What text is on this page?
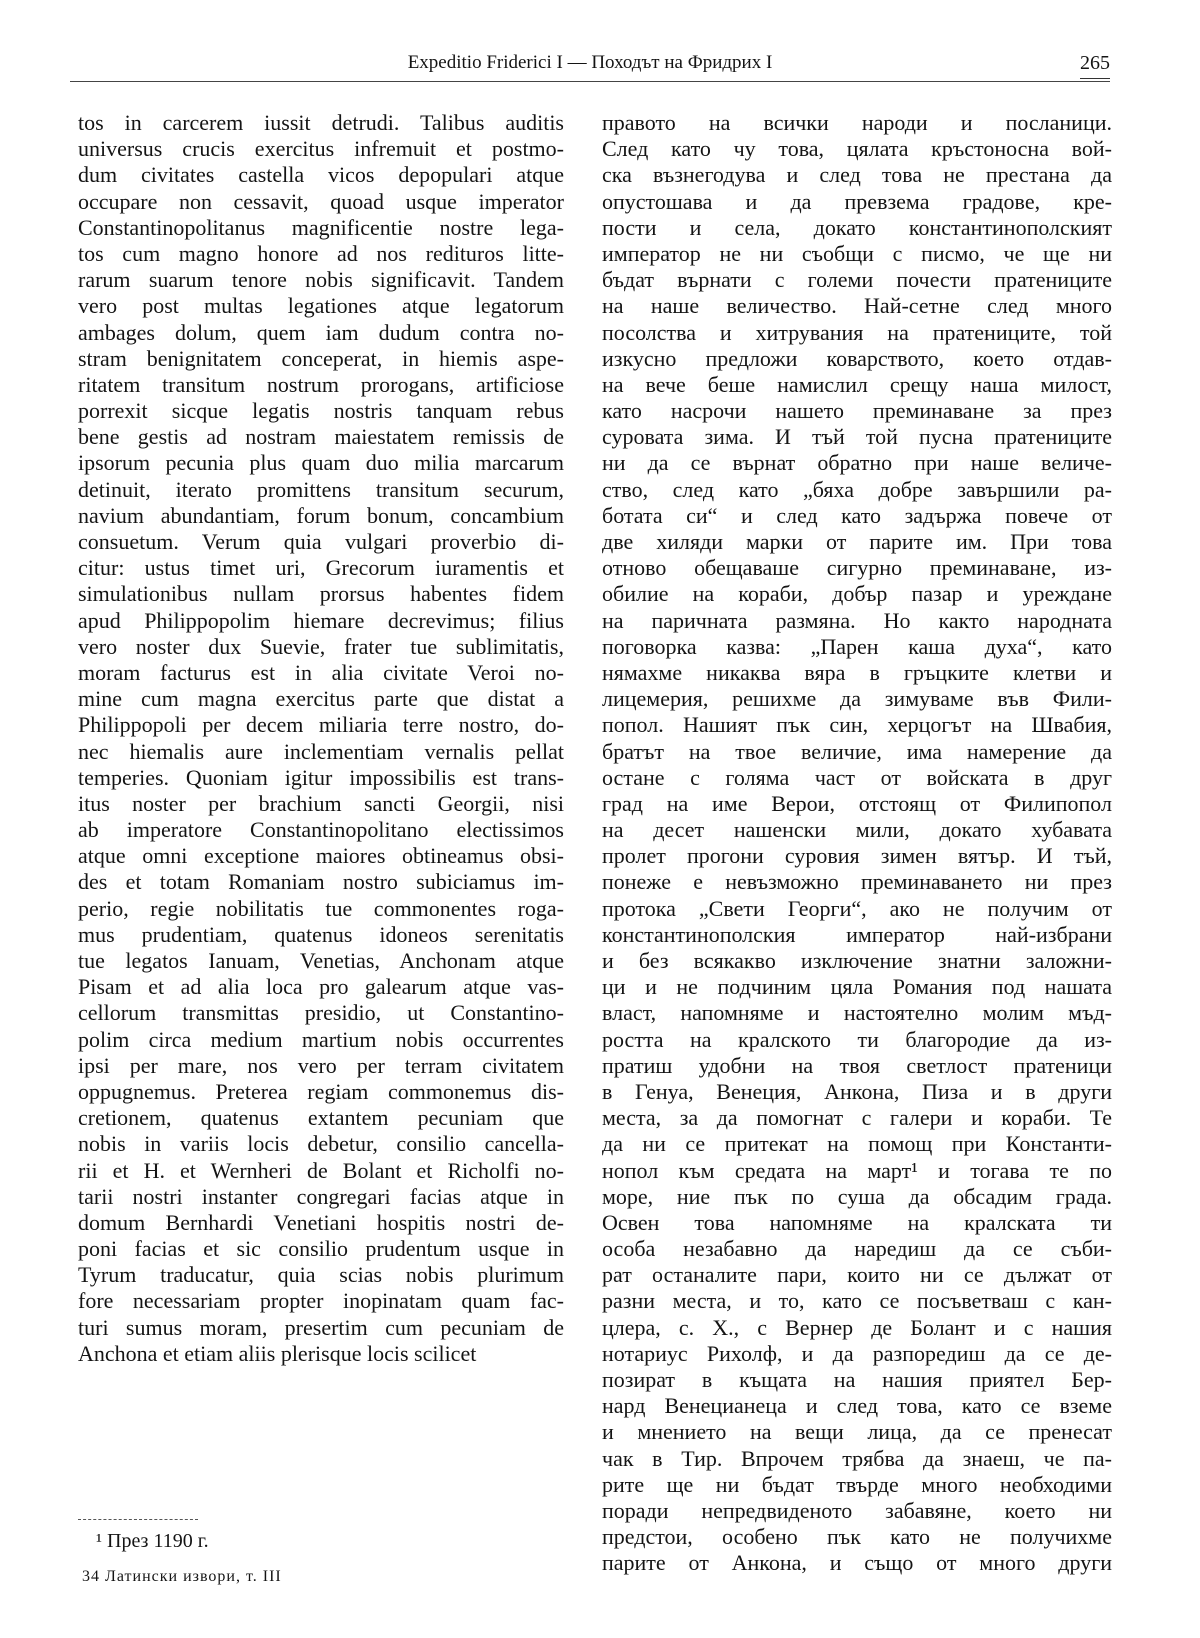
Expeditio Friderici I — Походът на Фридрих I	265
tos in carcerem iussit detrudi. Talibus auditis
universus crucis exercitus infremuit et postmo-
dum civitates castella vicos depopulari atque
occupare non cessavit, quoad usque imperator
Constantinopolitanus magnificentie nostre lega-
tos cum magno honore ad nos redituros litte-
rarum suarum tenore nobis significavit. Tandem
vero post multas legationes atque legatorum
ambages dolum, quem iam dudum contra no-
stram benignitatem conceperat, in hiemis aspe-
ritatem transitum nostrum prorogans, artificiose
porrexit sicque legatis nostris tanquam rebus
bene gestis ad nostram maiestatem remissis de
ipsorum pecunia plus quam duo milia marcarum
detinuit, iterato promittens transitum securum,
navium abundantiam, forum bonum, concambium
consuetum. Verum quia vulgari proverbio di-
citur: ustus timet uri, Grecorum iuramentis et
simulationibus nullam prorsus habentes fidem
apud Philippopolim hiemare decrevimus; filius
vero noster dux Suevie, frater tue sublimitatis,
moram facturus est in alia civitate Veroi no-
mine cum magna exercitus parte que distat a
Philippopoli per decem miliaria terre nostro, do-
nec hiemalis aure inclementiam vernalis pellat
temperies. Quoniam igitur impossibilis est trans-
itus noster per brachium sancti Georgii, nisi
ab imperatore Constantinopolitano electissimos
atque omni exceptione maiores obtineamus obsi-
des et totam Romaniam nostro subiciamus im-
perio, regie nobilitatis tue commonentes roga-
mus prudentiam, quatenus idoneos serenitatis
tue legatos Ianuam, Venetias, Anchonam atque
Pisam et ad alia loca pro galearum atque vas-
cellorum transmittas presidio, ut Constantino-
polim circa medium martium nobis occurrentes
ipsi per mare, nos vero per terram civitatem
oppugnemus. Preterea regiam commonemus dis-
cretionem, quatenus extantem pecuniam que
nobis in variis locis debetur, consilio cancella-
rii et H. et Wernheri de Bolant et Richolfi no-
tarii nostri instanter congregari facias atque in
domum Bernhardi Venetiani hospitis nostri de-
poni facias et sic consilio prudentum usque in
Tyrum traducatur, quia scias nobis plurimum
fore necessariam propter inopinatam quam fac-
turi sumus moram, presertim cum pecuniam de
Anchona et etiam aliis plerisque locis scilicet
правото на всички народи и посланици.
След като чу това, цялата кръстоносна вой-
ска възнегодува и след това не престана да
опустошава и да превзема градове, кре-
пости и села, докато константинополският
император не ни съобщи с писмо, че ще ни
бъдат върнати с големи почести пратениците
на наше величество. Най-сетне след много
посолства и хитрувания на пратениците, той
изкусно предложи коварството, което отдав-
на вече беше намислил срещу наша милост,
като насрочи нашето преминаване за през
суровата зима. И тъй той пусна пратениците
ни да се върнат обратно при наше величе-
ство, след като „бяха добре завършили ра-
ботата си“ и след като задържа повече от
две хиляди марки от парите им. При това
отново обещаваше сигурно преминаване, из-
обилие на кораби, добър пазар и уреждане
на паричната размяна. Но както народната
поговорка казва: „Парен каша духа“, като
нямахме никаква вяра в гръцките клетви и
лицемерия, решихме да зимуваме във Фили-
попол. Нашият пък син, херцогът на Швабия,
братът на твое величие, има намерение да
остане с голяма част от войската в друг
град на име Верои, отстоящ от Филипопол
на десет нашенски мили, докато хубавата
пролет прогони суровия зимен вятър. И тъй,
понеже е невъзможно преминаването ни през
протока „Свети Георги“, ако не получим от
константинополския император най-избрани
и без всякакво изключение знатни заложни-
ци и не подчиним цяла Романия под нашата
власт, напомняме и настоятелно молим мъд-
ростта на кралското ти благородие да из-
пратиш удобни на твоя светлост пратеници
в Генуа, Венеция, Анкона, Пиза и в други
места, за да помогнат с галери и кораби. Те
да ни се притекат на помощ при Константи-
нопол към средата на март¹ и тогава те по
море, ние пък по суша да обсадим града.
Освен това напомняме на кралската ти
особа незабавно да наредиш да се съби-
рат останалите пари, които ни се дължат от
разни места, и то, като се посъветваш с кан-
цлера, с. Х., с Вернер де Болант и с нашия
нотариус Рихолф, и да разпоредиш да се де-
позират в къщата на нашия приятел Бер-
нард Венецианеца и след това, като се вземе
и мнението на вещи лица, да се пренесат
чак в Тир. Впрочем трябва да знаеш, че па-
рите ще ни бъдат твърде много необходими
поради непредвиденото забавяне, което ни
предстои, особено пък като не получихме
парите от Анкона, и също от много други
¹ През 1190 г.
34 Латински извори, т. III
